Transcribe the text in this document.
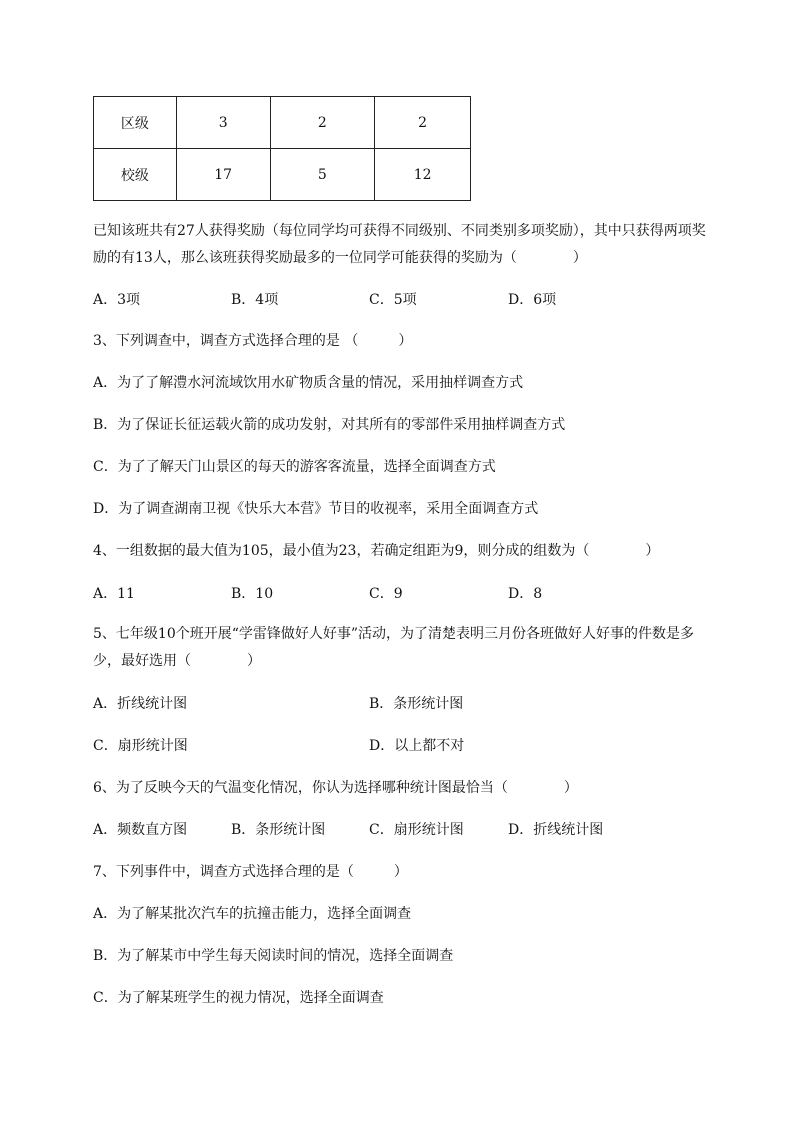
区级	3	2	2
校级	17	5	12
已知该班共有27人获得奖励（每位同学均可获得不同级别、不同类别多项奖励），其中只获得两项奖励的有13人，那么该班获得奖励最多的一位同学可能获得的奖励为（	）
A．3项	B．4项	C．5项	D．6项
3、下列调查中，调查方式选择合理的是 （	）
A．为了了解澧水河流域饮用水矿物质含量的情况，采用抽样调查方式
B．为了保证长征运载火箭的成功发射，对其所有的零部件采用抽样调查方式
C．为了了解天门山景区的每天的游客客流量，选择全面调查方式
D．为了调查湖南卫视《快乐大本营》节目的收视率，采用全面调查方式
4、一组数据的最大值为105，最小值为23，若确定组距为9，则分成的组数为（	）
A．11	B．10	C．9	D．8
5、七年级10个班开展“学雷锋做好人好事”活动，为了清楚表明三月份各班做好人好事的件数是多少，最好选用（	）
A．折线统计图	B．条形统计图
C．扇形统计图	D．以上都不对
6、为了反映今天的气温变化情况，你认为选择哪种统计图最恰当（	）
A．频数直方图	B．条形统计图	C．扇形统计图	D．折线统计图
7、下列事件中，调查方式选择合理的是（	）
A．为了解某批次汽车的抗撞击能力，选择全面调查
B．为了解某市中学生每天阅读时间的情况，选择全面调查
C．为了解某班学生的视力情况，选择全面调查
